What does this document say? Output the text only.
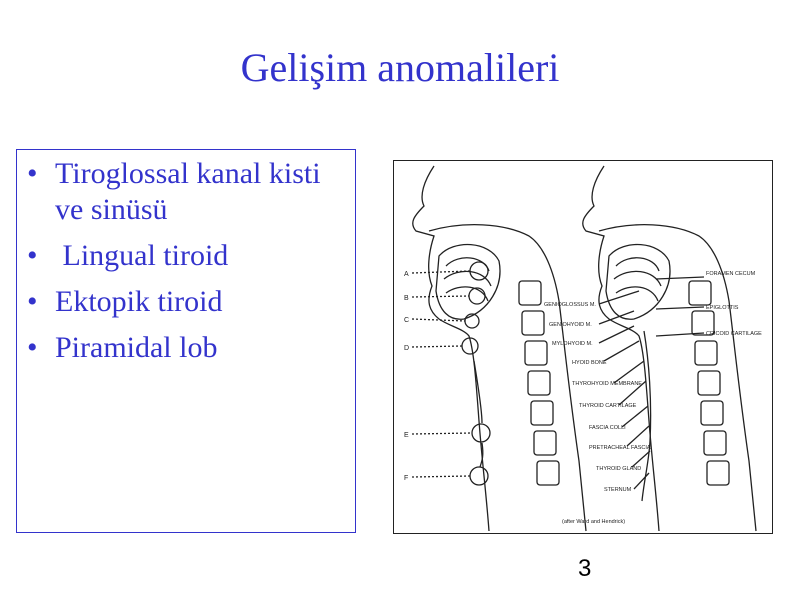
Gelişim anomalileri
• Tiroglossal kanal kisti ve sinüsü
• Lingual tiroid
• Ektopik tiroid
• Piramidal lob
A
B
C
D
E
F
FORAMEN CECUM
EPIGLOTTIS
CRICOID CARTILAGE
GENIOGLOSSUS M.
GENIOHYOID M.
MYLOHYOID M.
HYOID BONE
THYROHYOID MEMBRANE
THYROID CARTILAGE
FASCIA COLLI
PRETRACHEAL FASCIA
THYROID GLAND
STERNUM
(after Ward and Hendrick)
3
